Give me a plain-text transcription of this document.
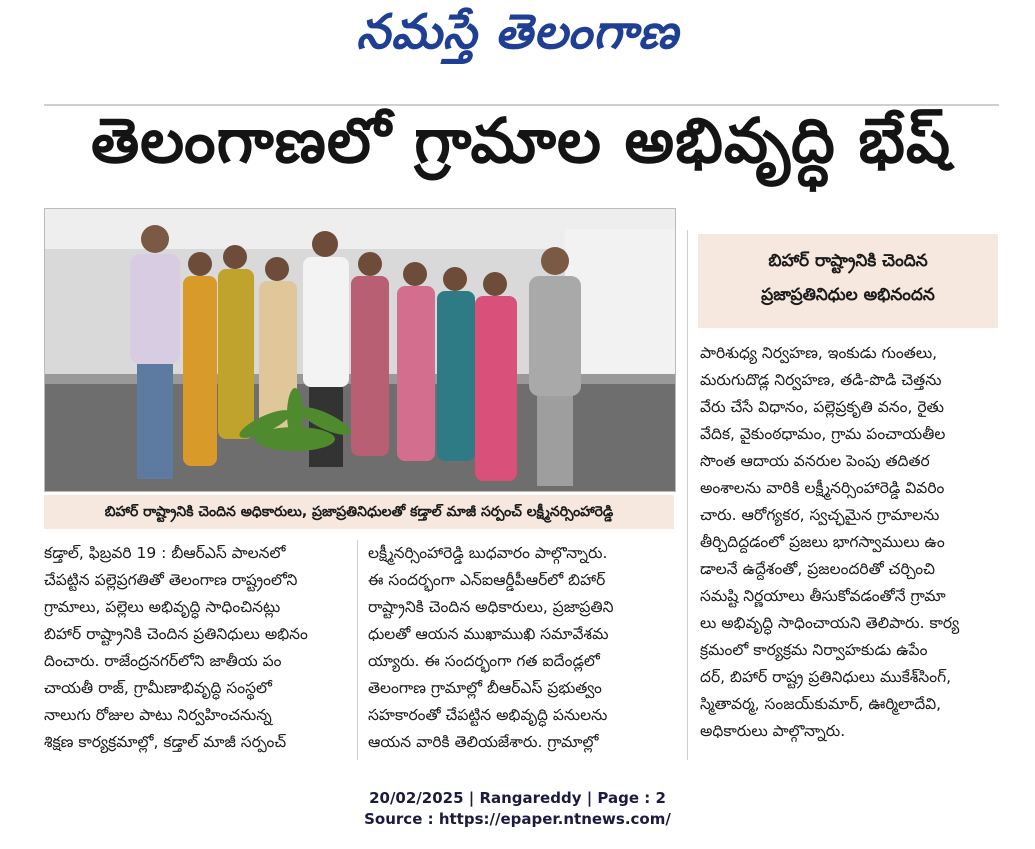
నమస్తే తెలంగాణ
తెలంగాణలో గ్రామాల అభివృద్ధి భేష్
బిహార్ రాష్ట్రానికి చెందిన అధికారులు, ప్రజాప్రతినిధులతో కడ్తాల్ మాజీ సర్పంచ్ లక్ష్మీనర్సింహారెడ్డి
బిహార్ రాష్ట్రానికి చెందిన
ప్రజాప్రతినిధుల అభినందన
కడ్తాల్, ఫిబ్రవరి 19 : బీఆర్ఎస్ పాలనలో
చేపట్టిన పల్లెప్రగతితో తెలంగాణ రాష్ట్రంలోని
గ్రామాలు, పల్లెలు అభివృద్ధి సాధించినట్లు
బిహార్ రాష్ట్రానికి చెందిన ప్రతినిధులు అభినం
దించారు. రాజేంద్రనగర్‌లోని జాతీయ పం
చాయతీ రాజ్, గ్రామీణాభివృద్ధి సంస్థలో
నాలుగు రోజుల పాటు నిర్వహించనున్న
శిక్షణ కార్యక్రమాల్లో, కడ్తాల్ మాజీ సర్పంచ్
లక్ష్మీనర్సింహారెడ్డి బుధవారం పాల్గొన్నారు.
ఈ సందర్భంగా ఎన్ఐఆర్డీపీఆర్‌లో బిహార్
రాష్ట్రానికి చెందిన అధికారులు, ప్రజాప్రతిని
ధులతో ఆయన ముఖాముఖి సమావేశమ
య్యారు. ఈ సందర్భంగా గత ఐదేండ్లలో
తెలంగాణ గ్రామాల్లో బీఆర్ఎస్ ప్రభుత్వం
సహకారంతో చేపట్టిన అభివృద్ధి పనులను
ఆయన వారికి తెలియజేశారు. గ్రామాల్లో
పారిశుధ్య నిర్వహణ, ఇంకుడు గుంతలు,
మరుగుదొడ్ల నిర్వహణ, తడి-పొడి చెత్తను
వేరు చేసే విధానం, పల్లెప్రకృతి వనం, రైతు
వేదిక, వైకుంఠధామం, గ్రామ పంచాయతీల
సొంత ఆదాయ వనరుల పెంపు తదితర
అంశాలను వారికి లక్ష్మీనర్సింహారెడ్డి వివరిం
చారు. ఆరోగ్యకర, స్వచ్ఛమైన గ్రామాలను
తీర్చిదిద్దడంలో ప్రజలు భాగస్వాములు ఉం
డాలనే ఉద్దేశంతో, ప్రజలందరితో చర్చించి
సమష్టి నిర్ణయాలు తీసుకోవడంతోనే గ్రామా
లు అభివృద్ధి సాధించాయని తెలిపారు. కార్య
క్రమంలో కార్యక్రమ నిర్వాహకుడు ఉపేం
దర్, బిహార్ రాష్ట్ర ప్రతినిధులు ముకేశ్‌సింగ్,
స్మితావర్మ, సంజయ్‌కుమార్, ఊర్మిలాదేవి,
అధికారులు పాల్గొన్నారు.
20/02/2025 | Rangareddy | Page : 2
Source : https://epaper.ntnews.com/
